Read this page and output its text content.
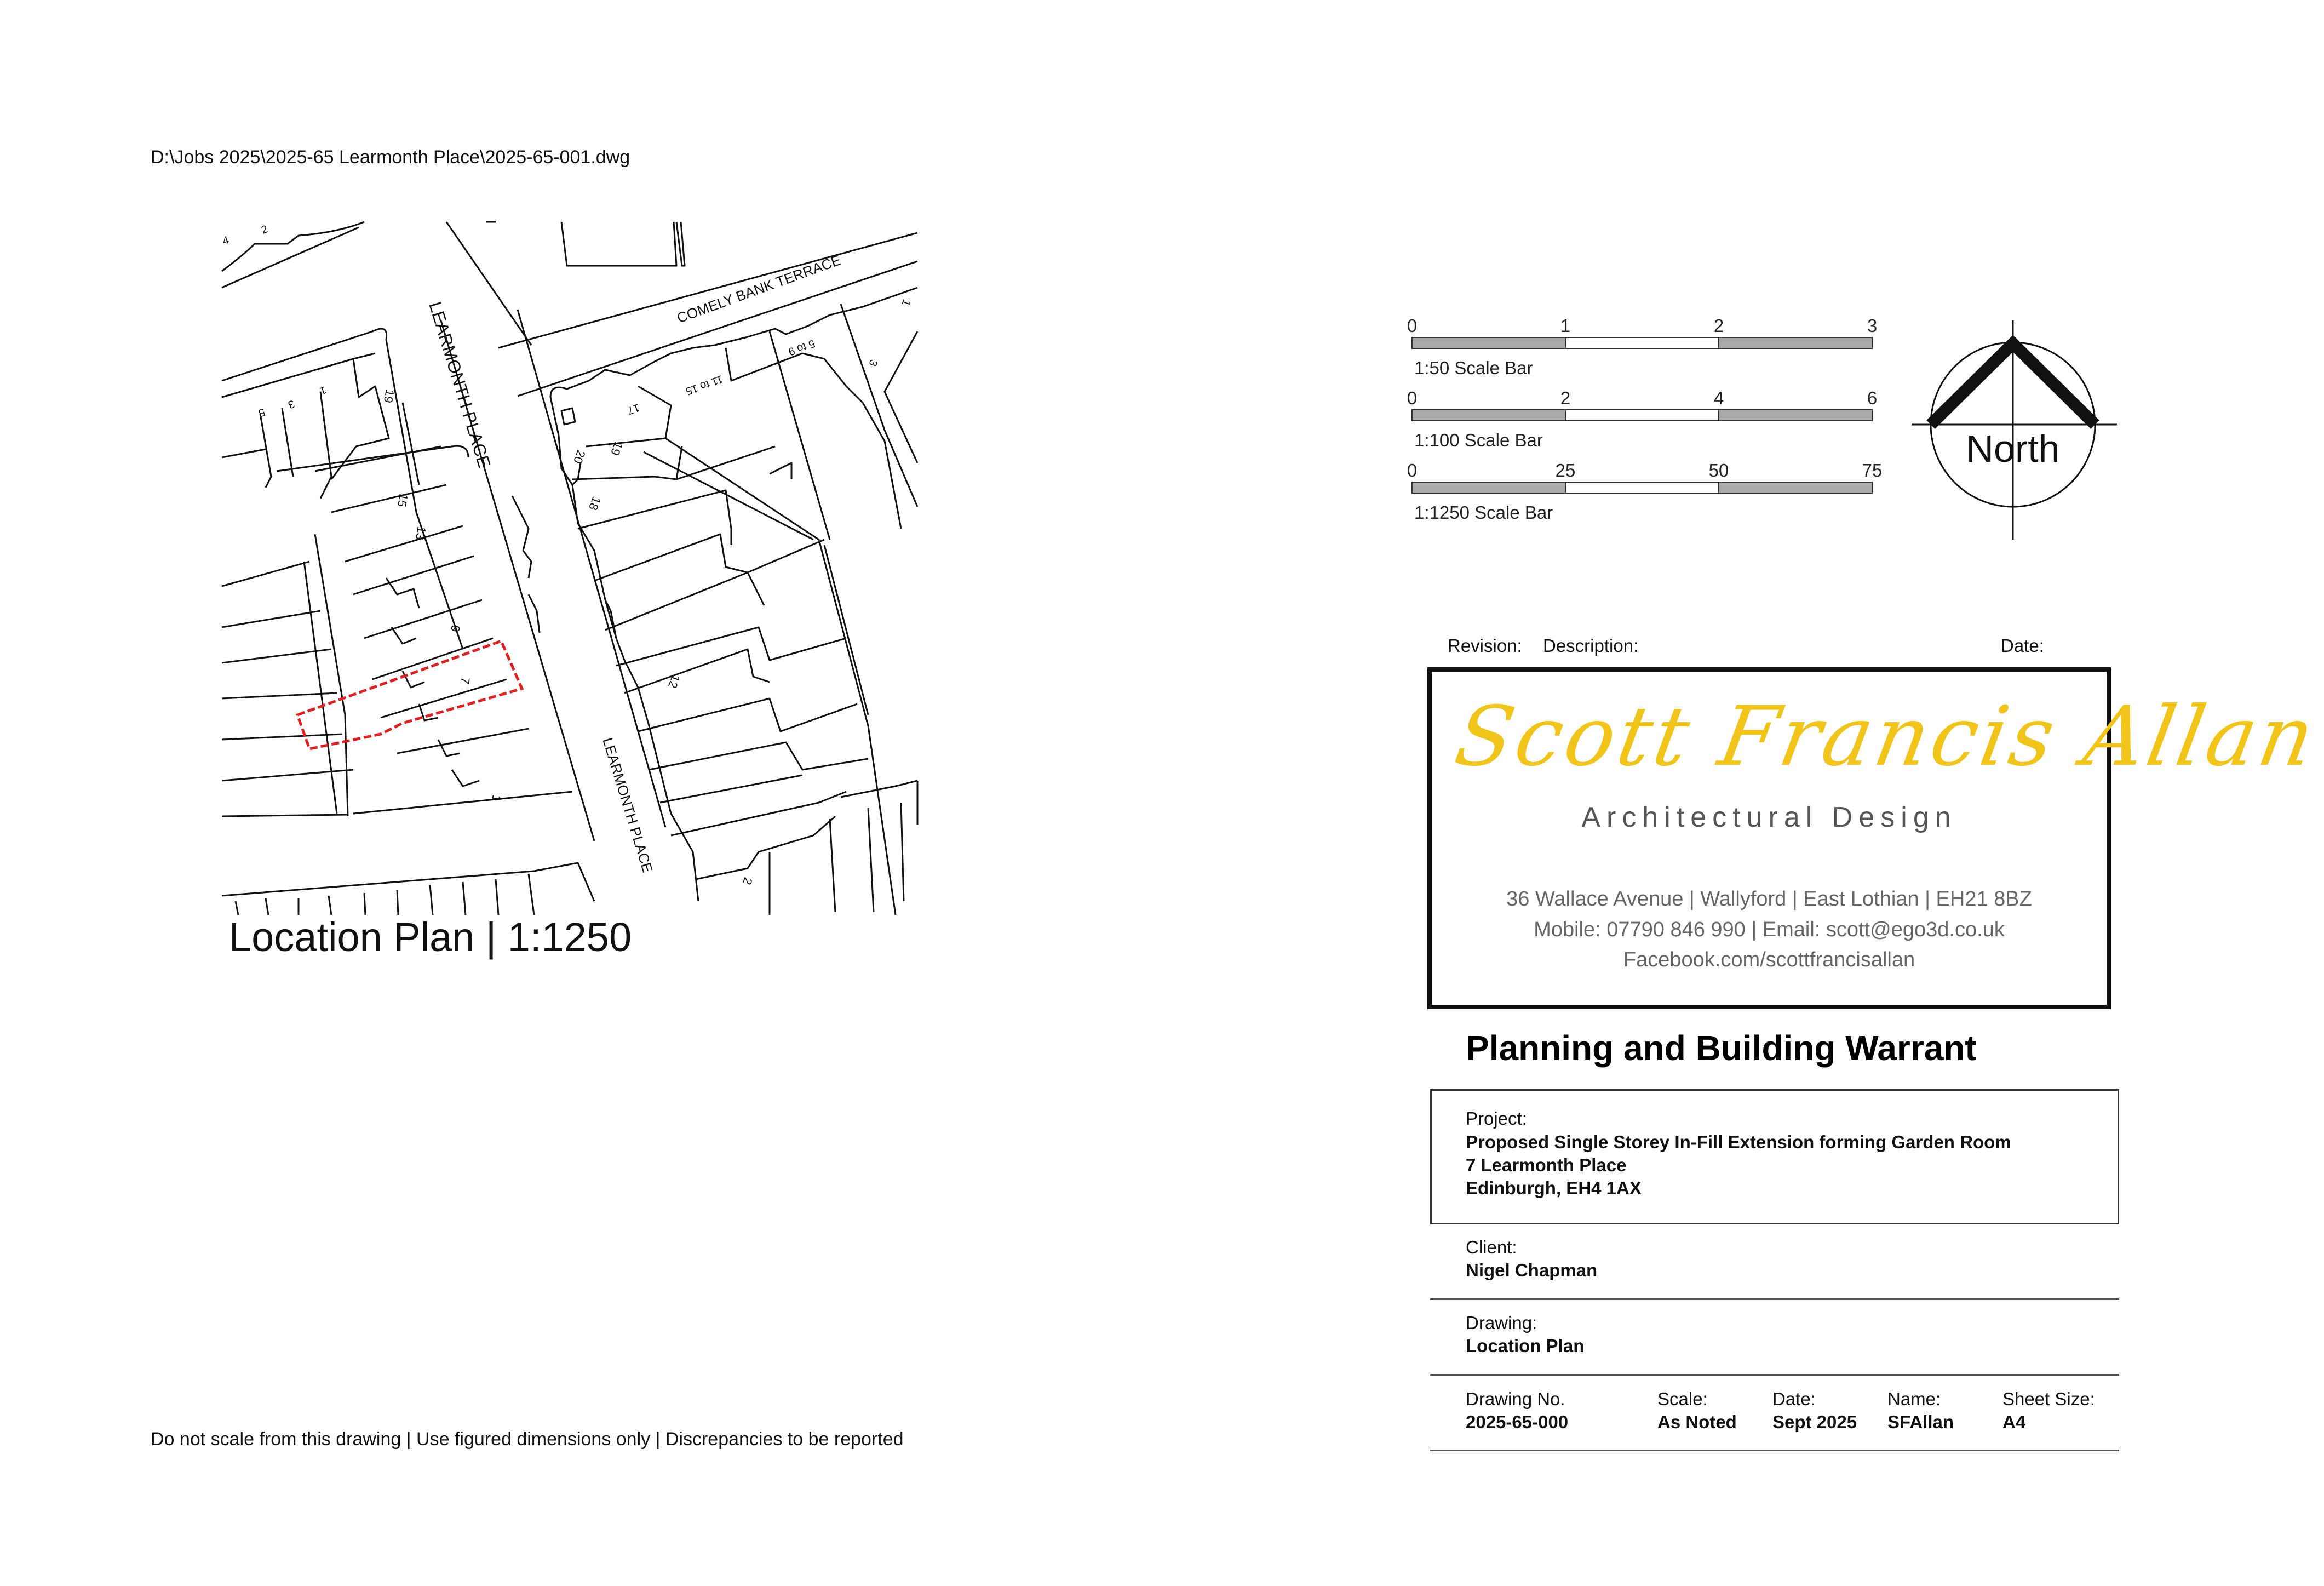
D:\Jobs 2025\2025-65 Learmonth Place\2025-65-001.dwg
LEARMONTH PLACE
LEARMONTH PLACE
COMELY BANK TERRACE
4
2
1
3
5
19
15
13
9
7
1
17
11 to 15
5 to 9
3
1
20 19
18
12
2
Location Plan | 1:1250
0	1	2	3
1:50 Scale Bar
0	2	4	6
1:100 Scale Bar
0	25	50	75
1:1250 Scale Bar
North
Revision: Description:	Date:
Scott Francis Allan
Architectural Design
36 Wallace Avenue | Wallyford | East Lothian | EH21 8BZ
Mobile: 07790 846 990 | Email: scott@ego3d.co.uk
Facebook.com/scottfrancisallan
Planning and Building Warrant
Project:
Proposed Single Storey In-Fill Extension forming Garden Room
7 Learmonth Place
Edinburgh, EH4 1AX
Client:
Nigel Chapman
Drawing:
Location Plan
Drawing No.
2025-65-000
Scale:
As Noted
Date:
Sept 2025
Name:
SFAllan
Sheet Size:
A4
Do not scale from this drawing | Use figured dimensions only | Discrepancies to be reported
